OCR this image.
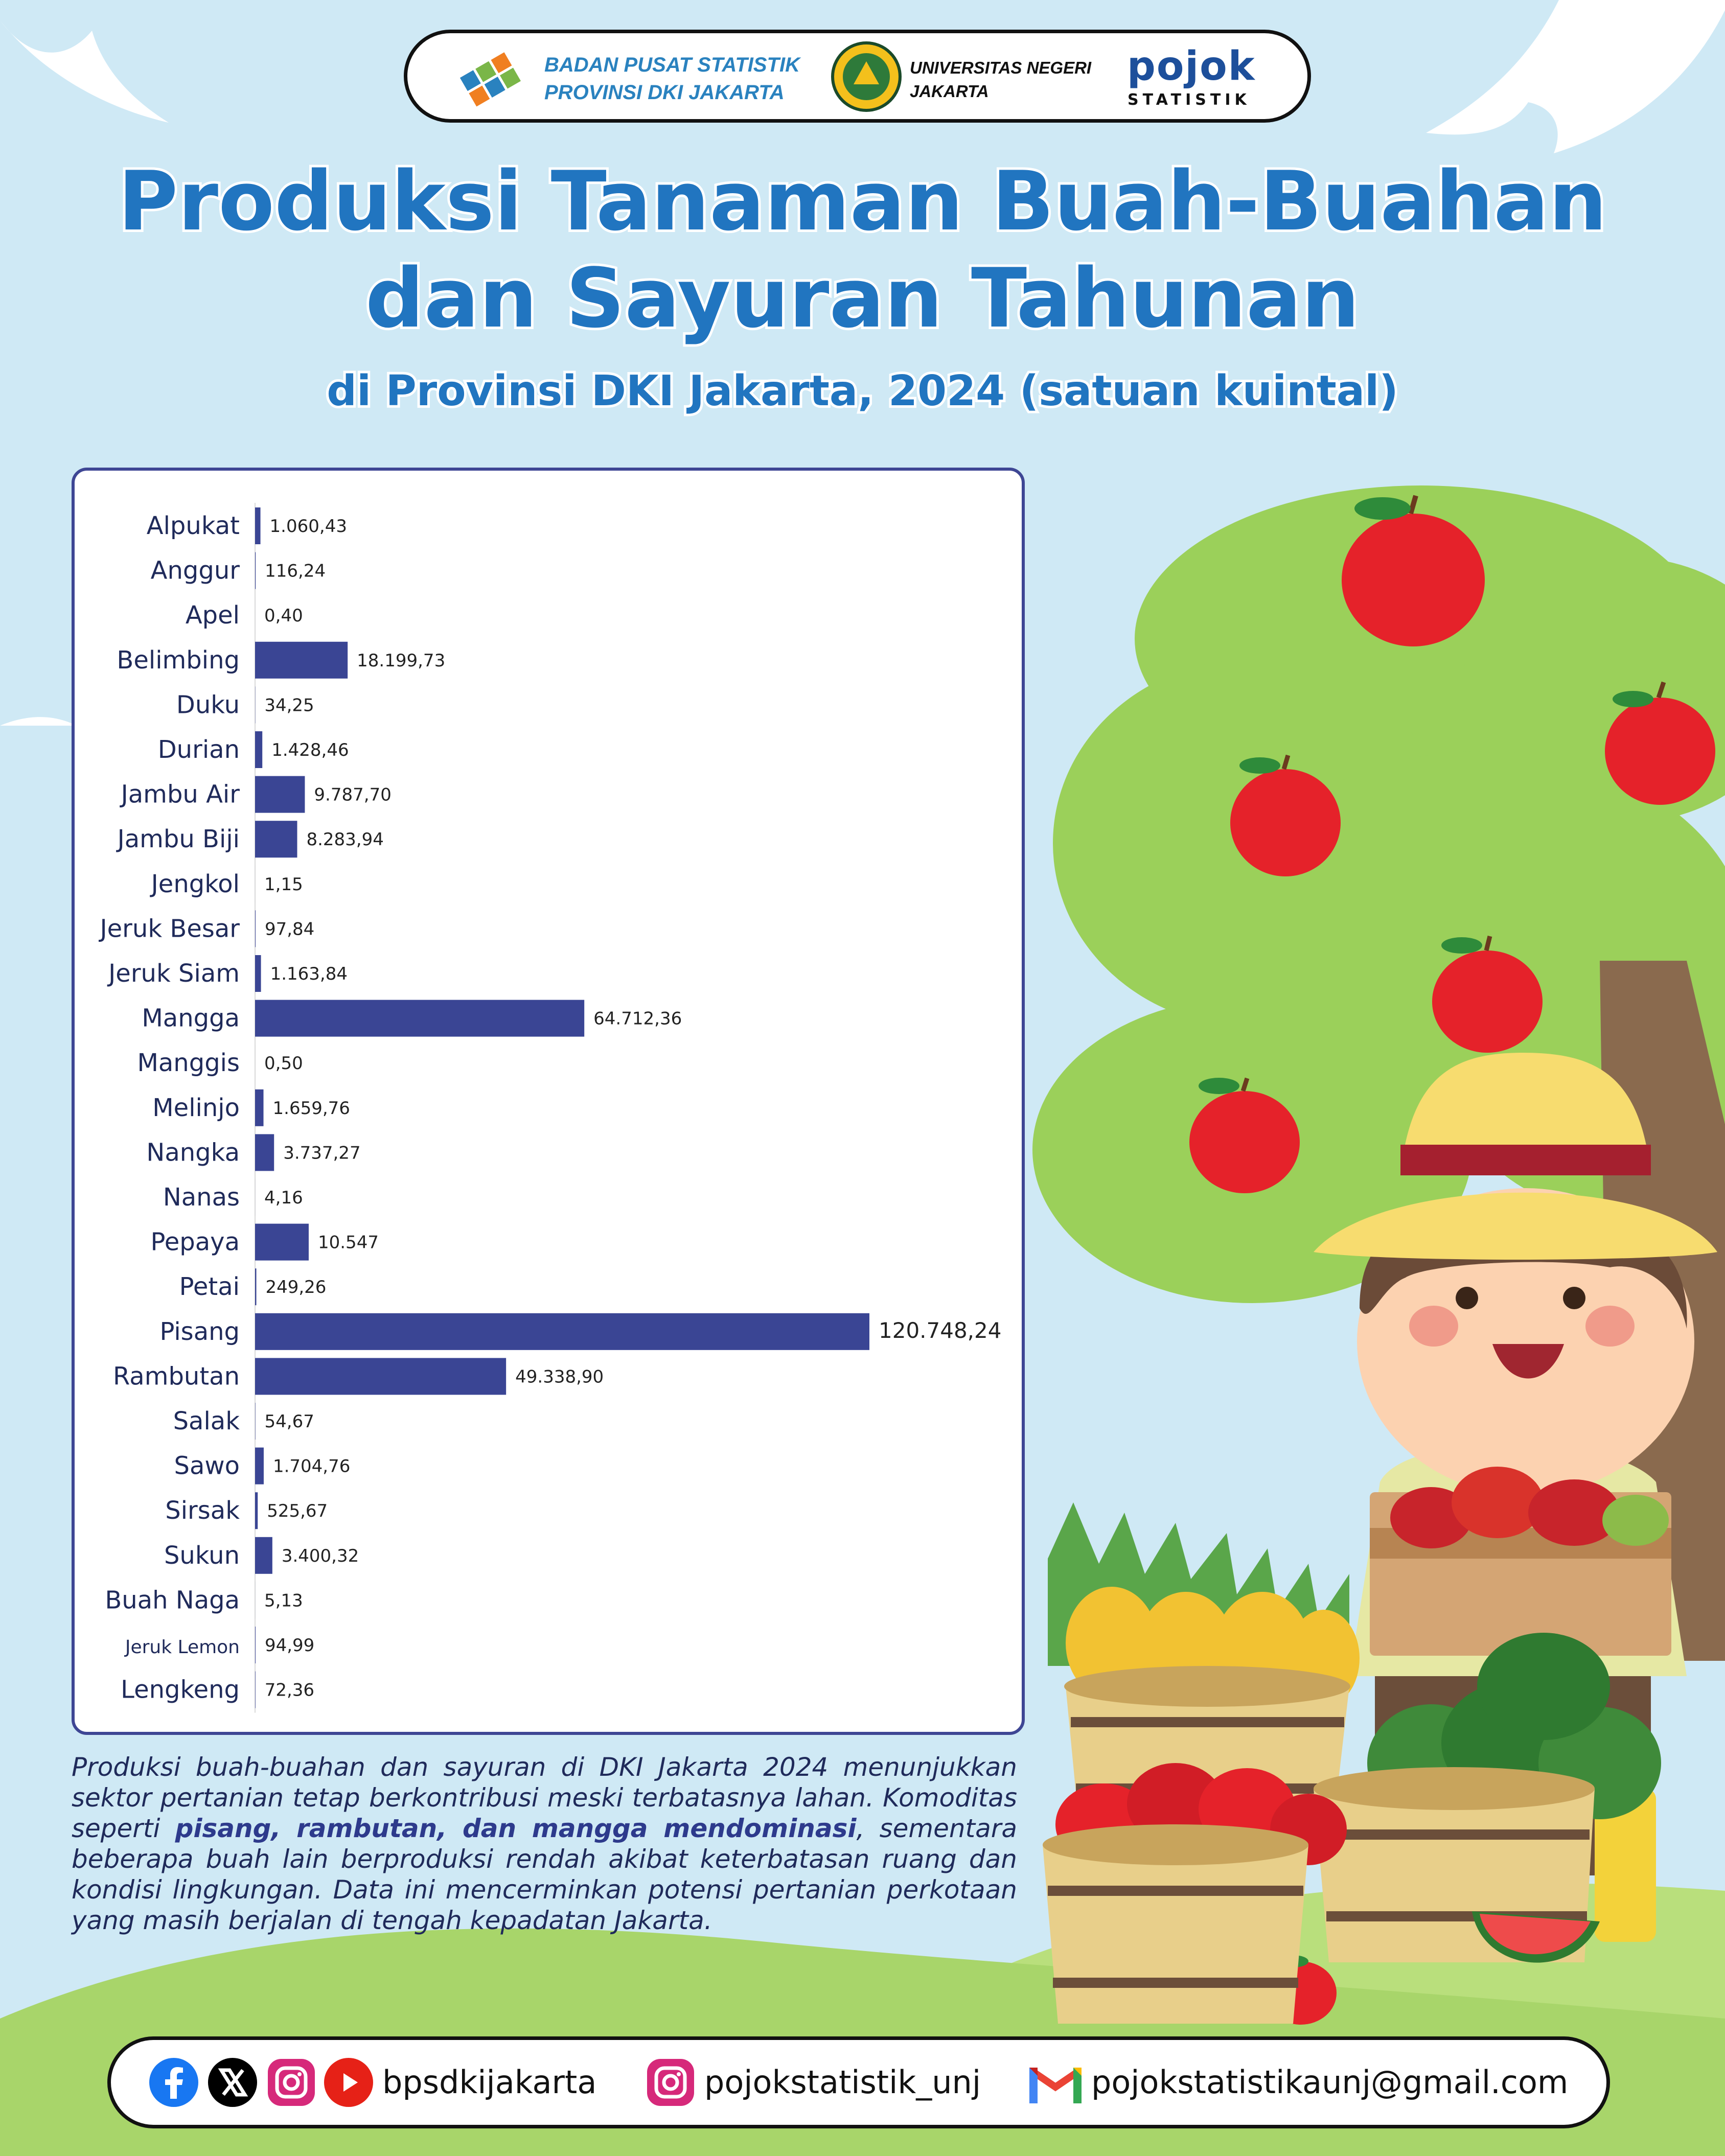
BADAN PUSAT STATISTIK
PROVINSI DKI JAKARTA
UNIVERSITAS NEGERI
JAKARTA
pojok
STATISTIK
Produksi Tanaman Buah-Buahan
dan Sayuran Tahunan
di Provinsi DKI Jakarta, 2024 (satuan kuintal)
Alpukat 1.060,43
Anggur 116,24
Apel 0,40
Belimbing	18.199,73
Duku 34,25
Durian 1.428,46
Jambu Air	9.787,70
Jambu Biji	8.283,94
Jengkol 1,15
Jeruk Besar 97,84
Jeruk Siam 1.163,84
Mangga	64.712,36
Manggis 0,50
Melinjo 1.659,76
Nangka	3.737,27
Nanas 4,16
Pepaya	10.547
Petai 249,26
Pisang	120.748,24
Rambutan	49.338,90
Salak 54,67
Sawo 1.704,76
Sirsak 525,67
Sukun 3.400,32
Buah Naga 5,13
Jeruk Lemon 94,99
Lengkeng 72,36
Produksi buah-buahan dan sayuran di DKI Jakarta 2024 menunjukkan sektor pertanian tetap berkontribusi meski terbatasnya lahan. Komoditas seperti pisang, rambutan, dan mangga mendominasi, sementara beberapa buah lain berproduksi rendah akibat keterbatasan ruang dan kondisi lingkungan. Data ini mencerminkan potensi pertanian perkotaan yang masih berjalan di tengah kepadatan Jakarta.
bpsdkijakarta	pojokstatistik_unj	pojokstatistikaunj@gmail.com
